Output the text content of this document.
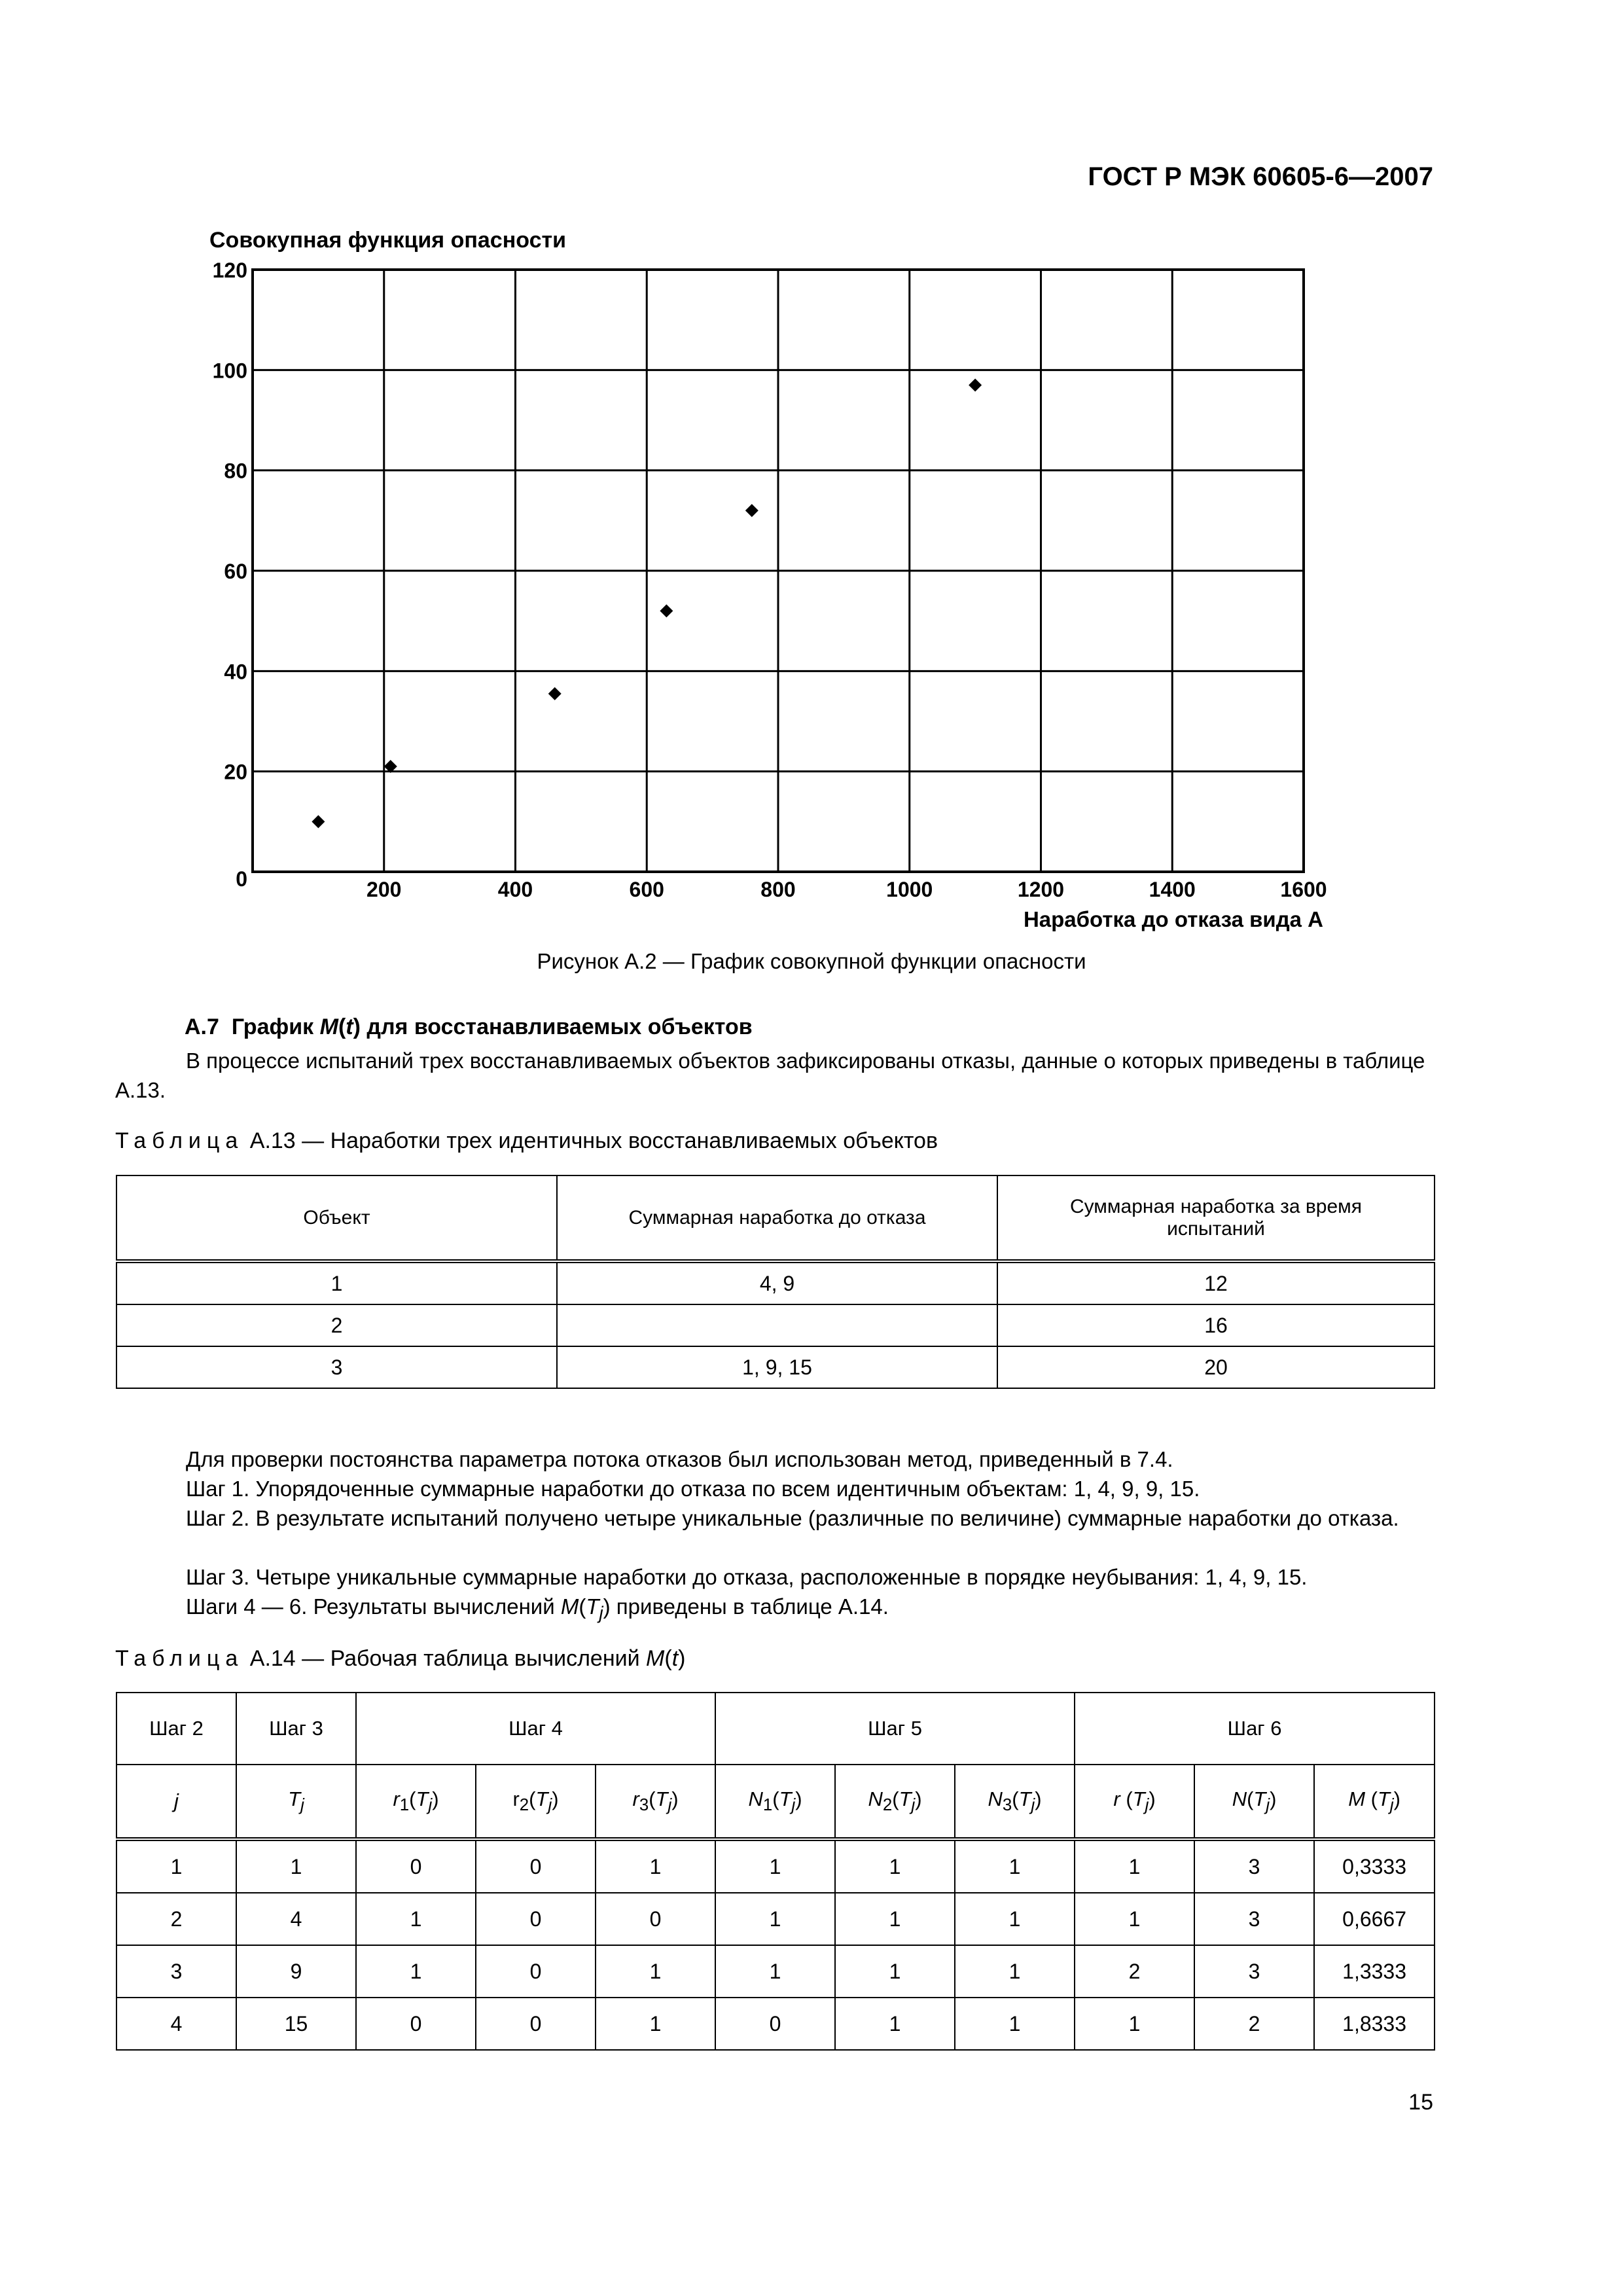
ГОСТ Р МЭК 60605-6—2007
Совокупная функция опасности
0
20
40
60
80
100
120
200	400	600	800	1000	1200	1400	1600
Наработка до отказа вида A
Рисунок A.2 — График совокупной функции опасности
A.7 График M(t) для восстанавливаемых объектов
В процессе испытаний трех восстанавливаемых объектов зафиксированы отказы, данные о которых приведены в таблице A.13.
Таблица A.13 — Наработки трех идентичных восстанавливаемых объектов
Объект	Суммарная наработка до отказа	Суммарная наработка за время испытаний
1	4, 9	12
2		16
3	1, 9, 15	20
Для проверки постоянства параметра потока отказов был использован метод, приведенный в 7.4.
Шаг 1. Упорядоченные суммарные наработки до отказа по всем идентичным объектам: 1, 4, 9, 9, 15.
Шаг 2. В результате испытаний получено четыре уникальные (различные по величине) суммарные наработки до отказа.
Шаг 3. Четыре уникальные суммарные наработки до отказа, расположенные в порядке неубывания: 1, 4, 9, 15.
Шаги 4 — 6. Результаты вычислений $M(T_j)$ приведены в таблице A.14.
Таблица A.14 — Рабочая таблица вычислений M(t)
Шаг 2	Шаг 3	Шаг 4			Шаг 5			Шаг 6		
j	$T_j$	$r_1(T_j)$	$r_2(T_j)$	$r_3(T_j)$	$N_1(T_j)$	$N_2(T_j)$	$N_3(T_j)$	r $(T_j)$	$N(T_j)$	M $(T_j)$
1	1	0	0	1	1	1	1	1	3	0,3333
2	4	1	0	0	1	1	1	1	3	0,6667
3	9	1	0	1	1	1	1	2	3	1,3333
4	15	0	0	1	0	1	1	1	2	1,8333
15
